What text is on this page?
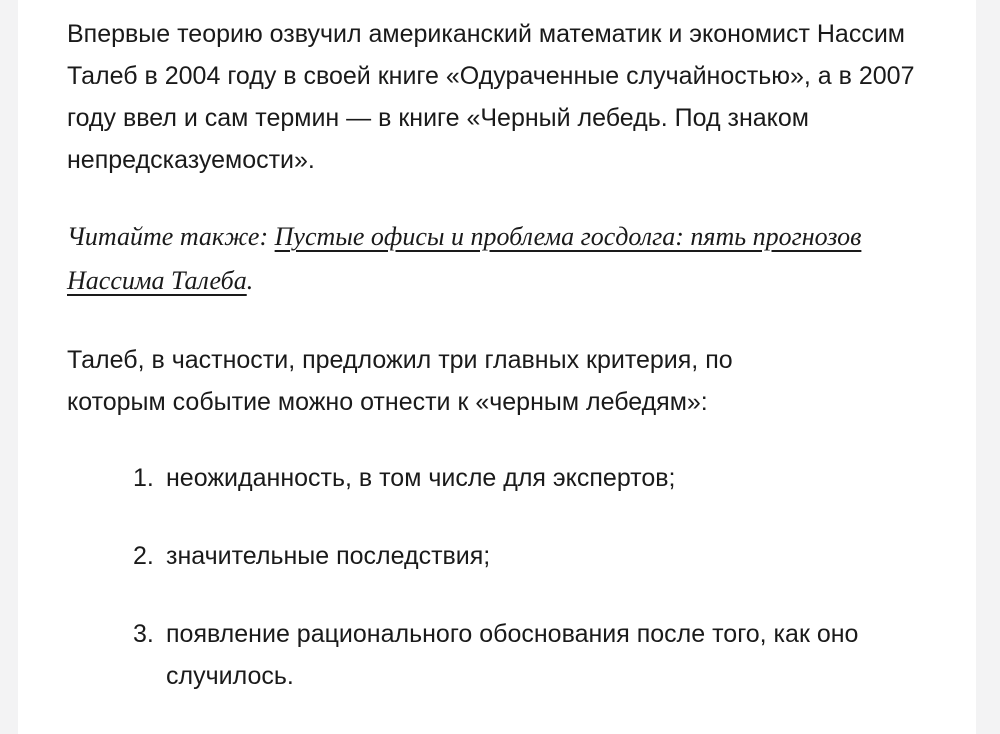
Впервые теорию озвучил американский математик и экономист Нассим Талеб в 2004 году в своей книге «Одураченные случайностью», а в 2007 году ввел и сам термин — в книге «Черный лебедь. Под знаком непредсказуемости».

Читайте также: Пустые офисы и проблема госдолга: пять прогнозов Нассима Талеба.

Талеб, в частности, предложил три главных критерия, по которым событие можно отнести к «черным лебедям»:

1. неожиданность, в том числе для экспертов;
2. значительные последствия;
3. появление рационального обоснования после того, как оно случилось.
